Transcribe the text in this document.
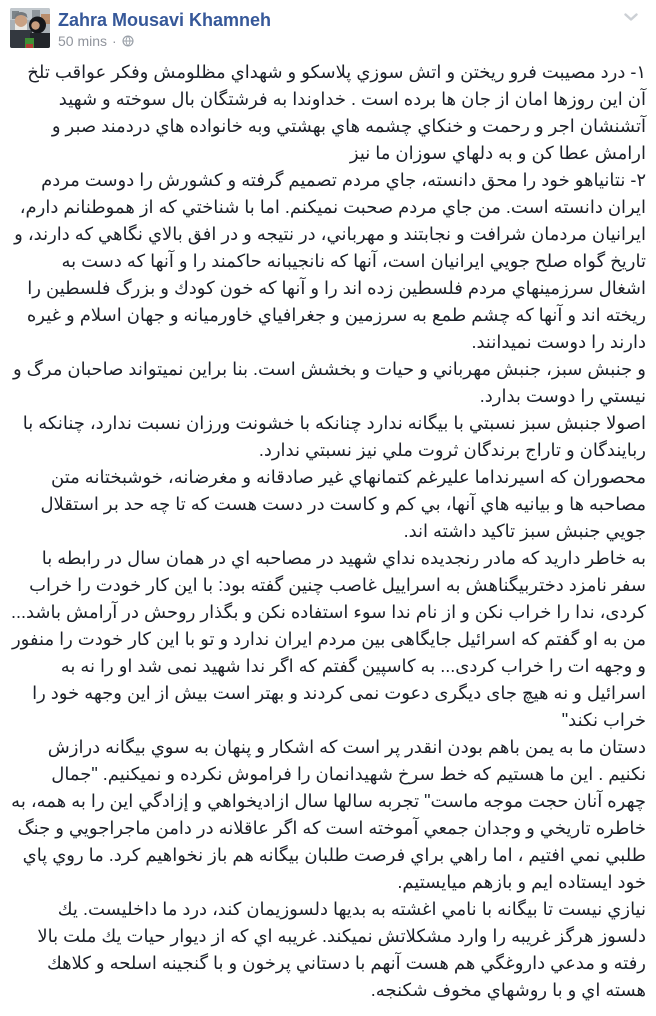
Zahra Mousavi Khamneh
50 mins ·
۱- درد مصيبت فرو ريختن و اتش سوزي پلاسكو و شهداي مظلومش وفكر عواقب تلخ آن اين روزها امان از جان ها برده است . خداوندا به فرشتگان بال سوخته و شهيد آتشنشان اجر و رحمت و خنكاي چشمه هاي بهشتي وبه خانواده هاي دردمند صبر و ارامش عطا كن و به دلهاي سوزان ما نيز
۲- نتانياهو خود را محق دانسته، جاي مردم تصميم گرفته و كشورش را دوست مردم ايران دانسته است. من جاي مردم صحبت نميكنم. اما با شناختي كه از هموطنانم دارم، ايرانيان مردمان شرافت و نجابتند و مهرباني، در نتيجه و در افق بالاي نگاهي كه دارند، و تاريخ گواه صلح جويي ايرانيان است، آنها كه نانجيبانه حاكمند را و آنها كه دست به اشغال سرزمينهاي مردم فلسطين زده اند را و آنها كه خون كودك و بزرگ فلسطين را ريخته اند و آنها كه چشم طمع به سرزمين و جغرافياي خاورميانه و جهان اسلام و غيره دارند را دوست نميدانند.
و جنبش سبز، جنبش مهرباني و حيات و بخشش است. بنا براين نميتواند صاحبان مرگ و نيستي را دوست بدارد.
اصولا جنبش سبز نسبتي با بيگانه ندارد چنانكه با خشونت ورزان نسبت ندارد، چنانكه با ربايندگان و تاراج برندگان ثروت ملي نيز نسبتي ندارد.
محصوران كه اسيرنداما عليرغم كتمانهاي غير صادقانه و مغرضانه، خوشبختانه متن مصاحبه ها و بيانيه هاي آنها، بي كم و كاست در دست هست كه تا چه حد بر استقلال جويي جنبش سبز تاكيد داشته اند.
به خاطر داريد كه مادر رنجديده نداي شهيد در مصاحبه اي در همان سال در رابطه با سفر نامزد دختربيگناهش به اسراييل غاصب چنين گفته بود: با اين كار خودت را خراب کردی، ندا را خراب نكن و از نام ندا سوء استفاده نكن و بگذار روحش در آرامش باشد... من به او گفتم كه اسرائيل جايگاهی بين مردم ايران ندارد و تو با اين كار خودت را منفور و وجهه ات را خراب کردی... به كاسپين گفتم كه اگر ندا شهيد نمی شد او را نه به اسرائيل و نه هيچ جای ديگری دعوت نمی كردند و بهتر است بيش از اين وجهه خود را خراب نكند"
دستان ما به يمن باهم بودن انقدر پر است كه اشكار و پنهان به سوي بيگانه درازش نكنيم . اين ما هستيم كه خط سرخ شهيدانمان را فراموش نكرده و نميكنيم. "جمال چهره آنان حجت موجه ماست" تجربه سالها سال ازاديخواهي و إزادگي اين را به همه، به خاطره تاريخي و وجدان جمعي آموخته است كه اگر عاقلانه در دامن ماجراجويي و جنگ طلبي نمي افتيم ، اما راهي براي فرصت طلبان بيگانه هم باز نخواهيم كرد. ما روي پاي خود ايستاده ايم و بازهم ميايستيم.
نيازي نيست تا بيگانه با نامي اغشته به بديها دلسوزيمان كند، درد ما داخليست. يك دلسوز هرگز غريبه را وارد مشكلاتش نميكند. غريبه اي كه از ديوار حيات يك ملت بالا رفته و مدعي داروغگي هم هست آنهم با دستاني پرخون و با گنجينه اسلحه و كلاهك هسته اي و با روشهاي مخوف شكنجه.
